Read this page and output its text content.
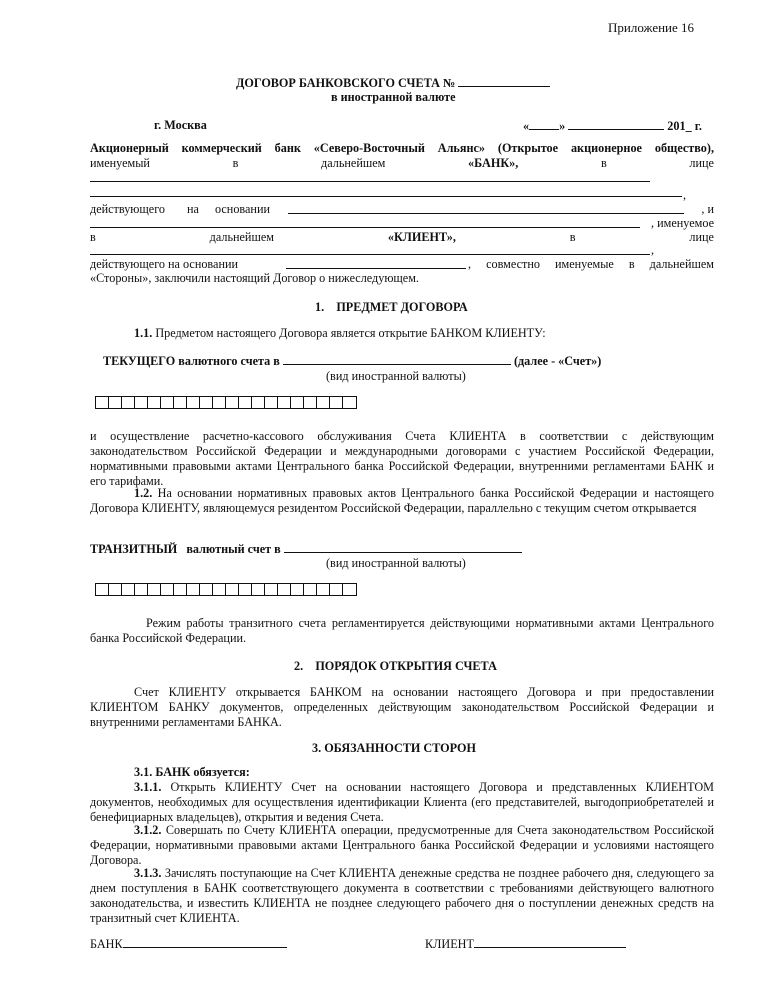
Приложение 16
ДОГОВОР БАНКОВСКОГО СЧЕТА №
в иностранной валюте
г. Москва	« »	201_ г.
Акционерный коммерческий банк «Северо-Восточный Альянс» (Открытое акционерное общество),
именуемый	в	дальнейшем	«БАНК»,	в	лице
,
действующего на основании	, и
, именуемое
в	дальнейшем	«КЛИЕНТ»,	в	лице
,
действующего на основании	, совместно именуемые в дальнейшем
«Стороны», заключили настоящий Договор о нижеследующем.
1. ПРЕДМЕТ ДОГОВОРА
1.1. Предметом настоящего Договора является открытие БАНКОМ КЛИЕНТУ:
ТЕКУЩЕГО валютного счета в	(далее - «Счет»)
(вид иностранной валюты)
и осуществление расчетно-кассового обслуживания Счета КЛИЕНТА в соответствии с действующим законодательством Российской Федерации и международными договорами с участием Российской Федерации, нормативными правовыми актами Центрального банка Российской Федерации, внутренними регламентами БАНК и его тарифами.
1.2. На основании нормативных правовых актов Центрального банка Российской Федерации и настоящего Договора КЛИЕНТУ, являющемуся резидентом Российской Федерации, параллельно с текущим счетом открывается
ТРАНЗИТНЫЙ валютный счет в
(вид иностранной валюты)
Режим работы транзитного счета регламентируется действующими нормативными актами Центрального банка Российской Федерации.
2. ПОРЯДОК ОТКРЫТИЯ СЧЕТА
Счет КЛИЕНТУ открывается БАНКОМ на основании настоящего Договора и при предоставлении КЛИЕНТОМ БАНКУ документов, определенных действующим законодательством Российской Федерации и внутренними регламентами БАНКА.
3. ОБЯЗАННОСТИ СТОРОН
3.1. БАНК обязуется:
3.1.1. Открыть КЛИЕНТУ Счет на основании настоящего Договора и представленных КЛИЕНТОМ документов, необходимых для осуществления идентификации Клиента (его представителей, выгодоприобретателей и бенефициарных владельцев), открытия и ведения Счета.
3.1.2. Совершать по Счету КЛИЕНТА операции, предусмотренные для Счета законодательством Российской Федерации, нормативными правовыми актами Центрального банка Российской Федерации и условиями настоящего Договора.
3.1.3. Зачислять поступающие на Счет КЛИЕНТА денежные средства не позднее рабочего дня, следующего за днем поступления в БАНК соответствующего документа в соответствии с требованиями действующего валютного законодательства, и известить КЛИЕНТА не позднее следующего рабочего дня о поступлении денежных средств на транзитный счет КЛИЕНТА.
БАНК	КЛИЕНТ
